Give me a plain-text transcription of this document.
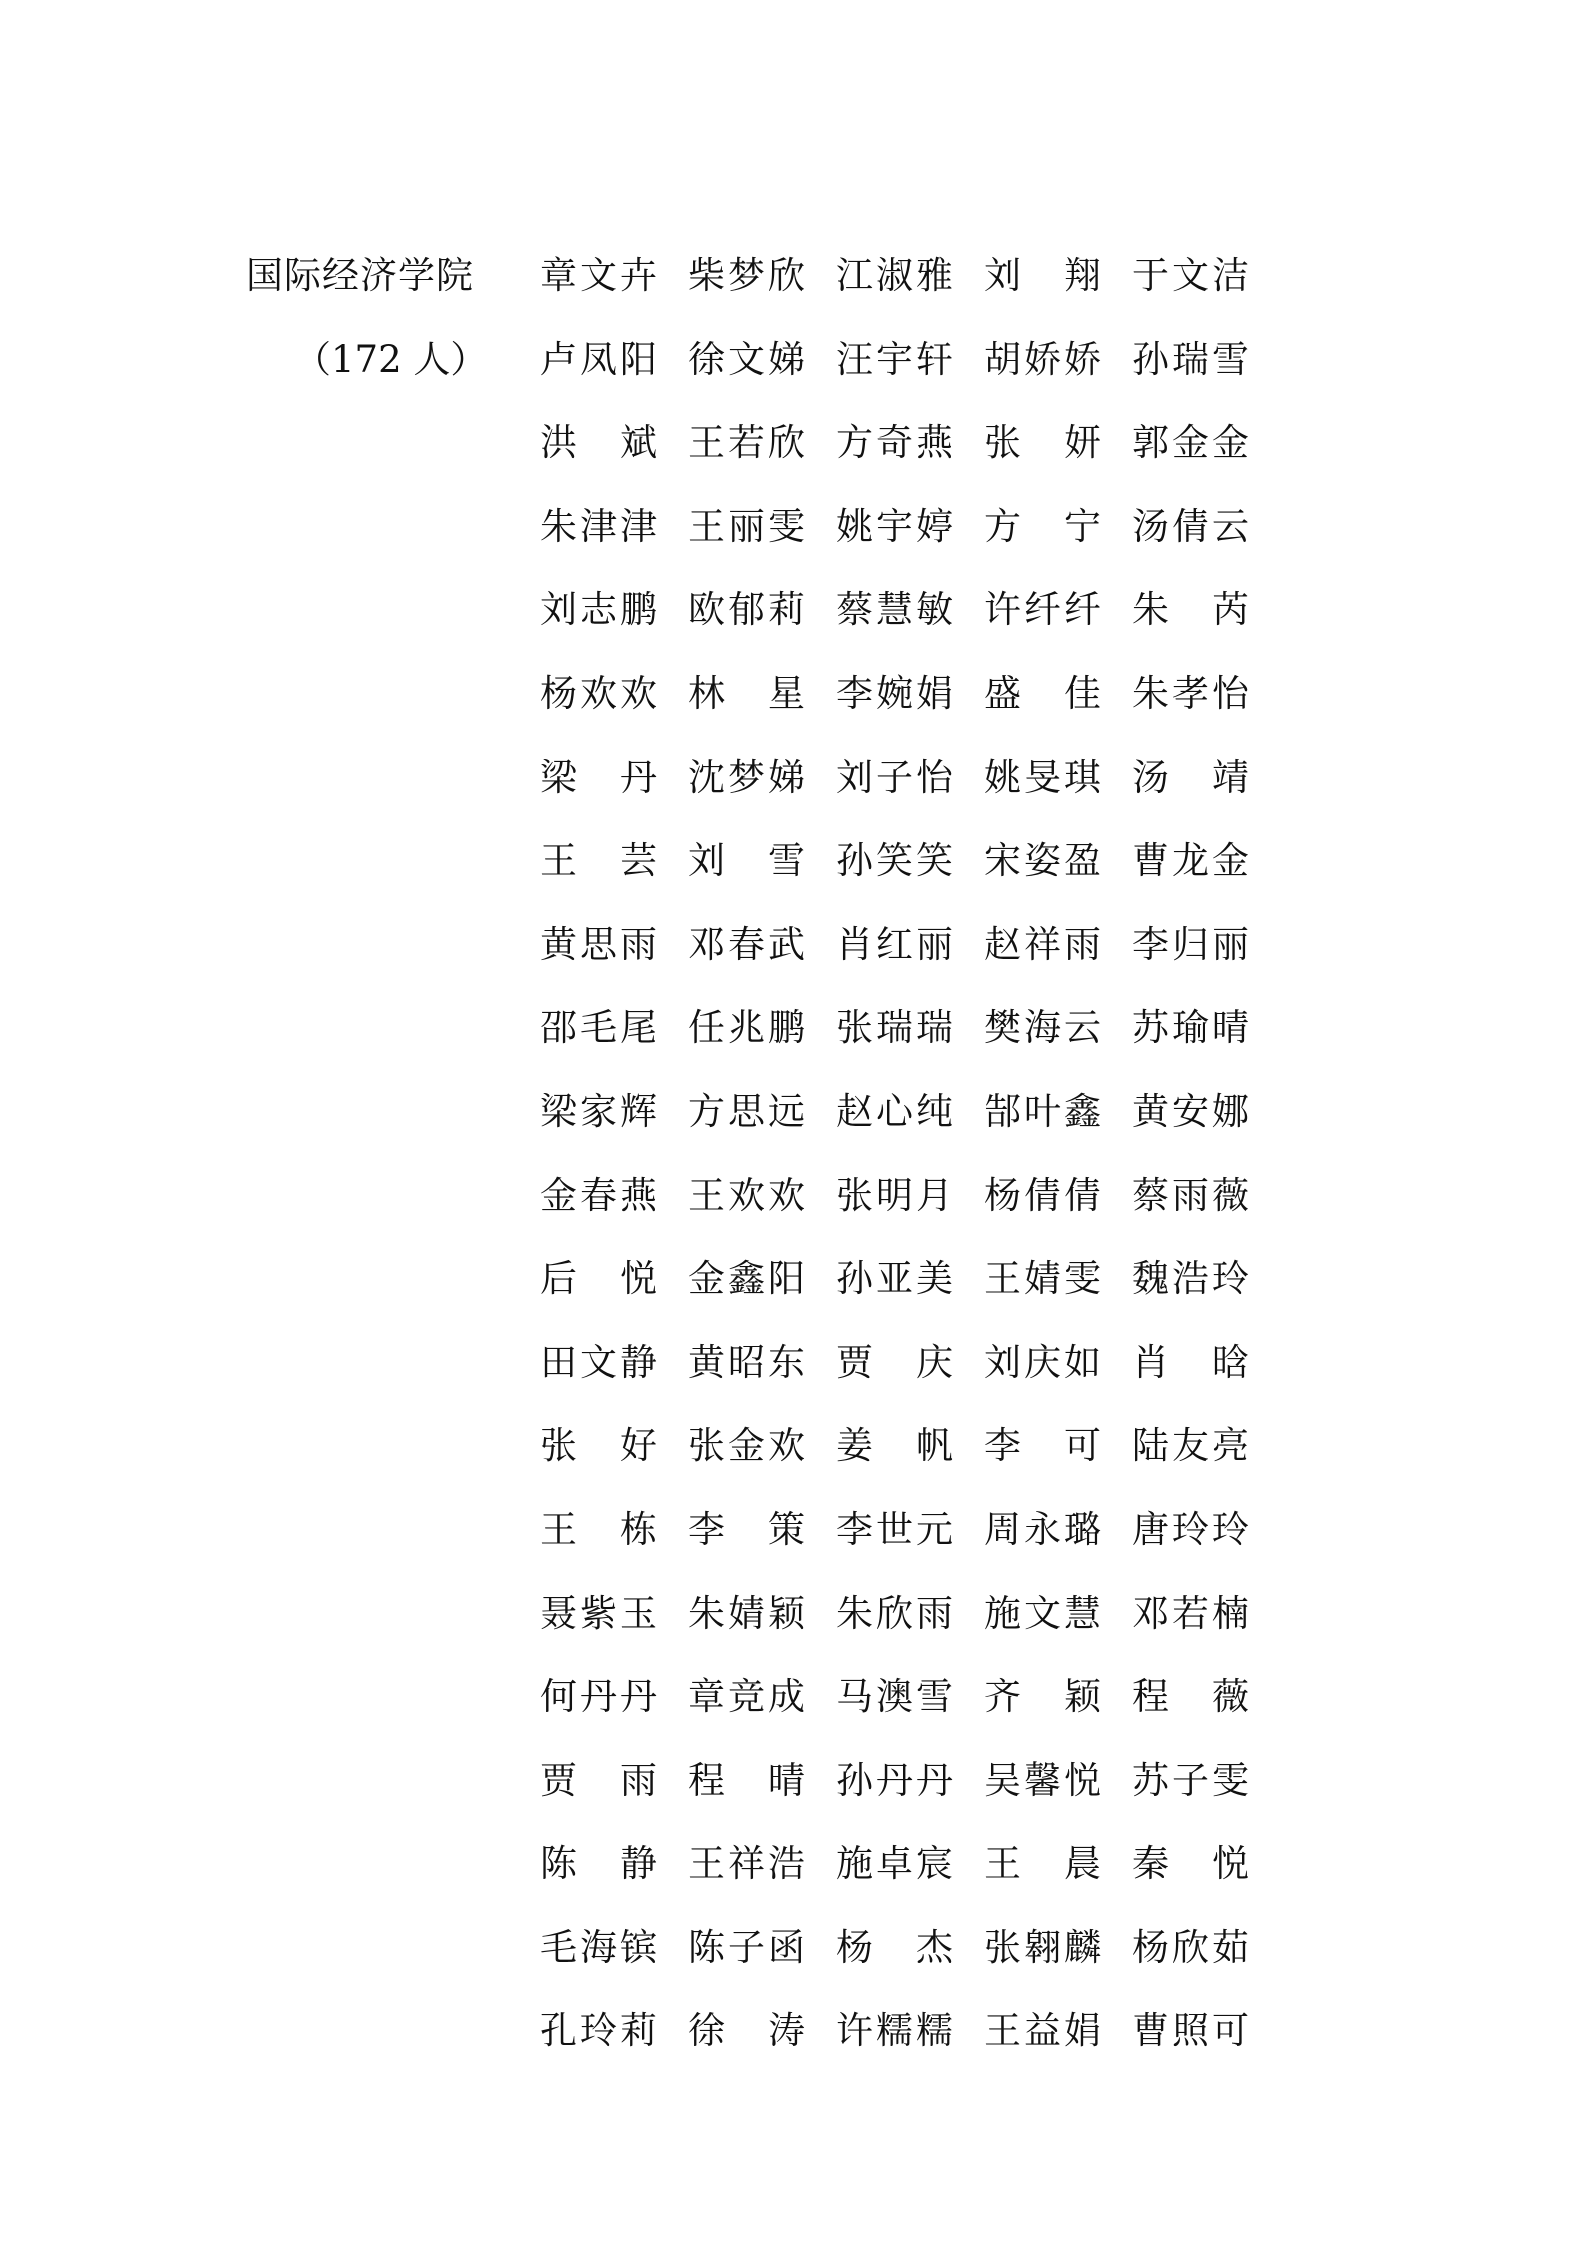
国际经济学院
（172 人）
章文卉 柴梦欣 江淑雅 刘　翔 于文洁
卢凤阳 徐文娣 汪宇轩 胡娇娇 孙瑞雪
洪　斌 王若欣 方奇燕 张　妍 郭金金
朱津津 王丽雯 姚宇婷 方　宁 汤倩云
刘志鹏 欧郁莉 蔡慧敏 许纤纤 朱　芮
杨欢欢 林　星 李婉娟 盛　佳 朱孝怡
梁　丹 沈梦娣 刘子怡 姚旻琪 汤　靖
王　芸 刘　雪 孙笑笑 宋姿盈 曹龙金
黄思雨 邓春武 肖红丽 赵祥雨 李归丽
邵毛尾 任兆鹏 张瑞瑞 樊海云 苏瑜晴
梁家辉 方思远 赵心纯 郜叶鑫 黄安娜
金春燕 王欢欢 张明月 杨倩倩 蔡雨薇
后　悦 金鑫阳 孙亚美 王婧雯 魏浩玲
田文静 黄昭东 贾　庆 刘庆如 肖　晗
张　好 张金欢 姜　帆 李　可 陆友亮
王　栋 李　策 李世元 周永璐 唐玲玲
聂紫玉 朱婧颖 朱欣雨 施文慧 邓若楠
何丹丹 章竞成 马澳雪 齐　颖 程　薇
贾　雨 程　晴 孙丹丹 吴馨悦 苏子雯
陈　静 王祥浩 施卓宸 王　晨 秦　悦
毛海镔 陈子函 杨　杰 张翱麟 杨欣茹
孔玲莉 徐　涛 许糯糯 王益娟 曹照可
